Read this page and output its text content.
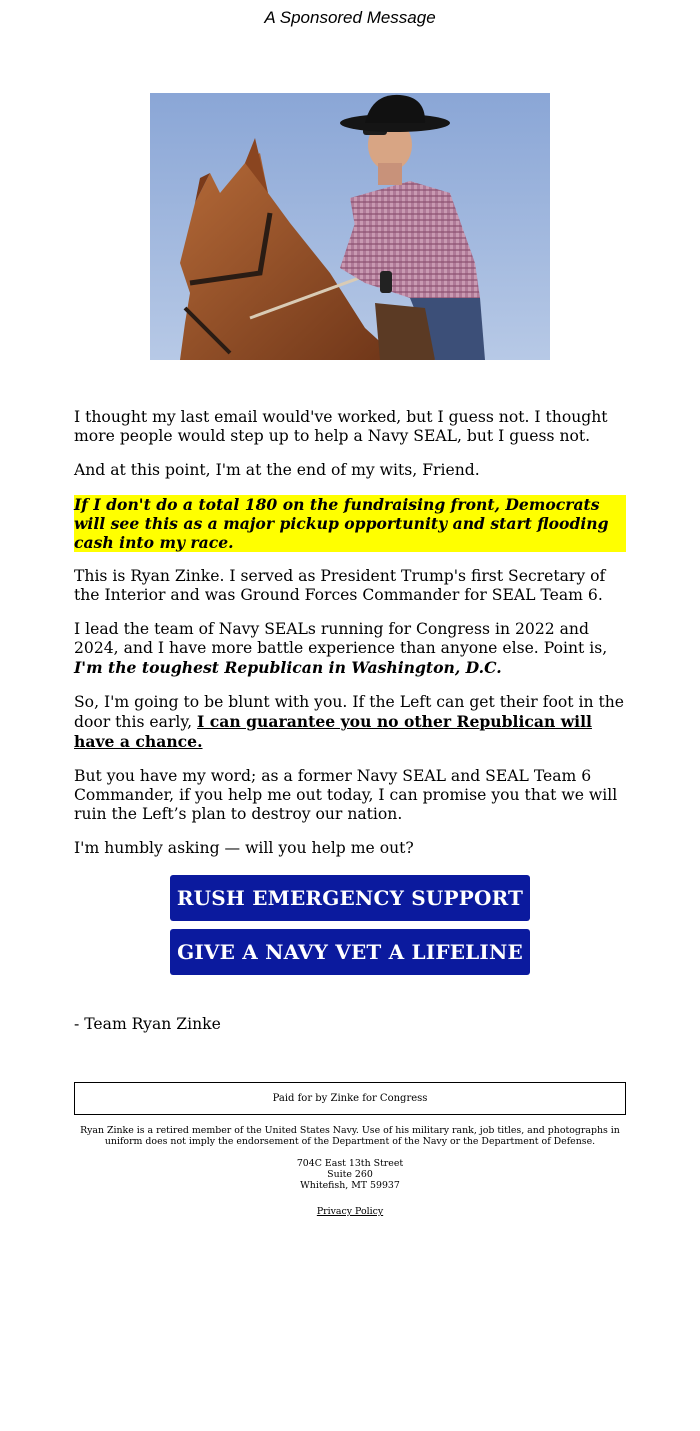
A Sponsored Message

I thought my last email would've worked, but I guess not. I thought more people would step up to help a Navy SEAL, but I guess not.

And at this point, I'm at the end of my wits, Friend.

If I don't do a total 180 on the fundraising front, Democrats will see this as a major pickup opportunity and start flooding cash into my race.

This is Ryan Zinke. I served as President Trump's first Secretary of the Interior and was Ground Forces Commander for SEAL Team 6.

I lead the team of Navy SEALs running for Congress in 2022 and 2024, and I have more battle experience than anyone else. Point is, I'm the toughest Republican in Washington, D.C.

So, I'm going to be blunt with you. If the Left can get their foot in the door this early, I can guarantee you no other Republican will have a chance.

But you have my word; as a former Navy SEAL and SEAL Team 6 Commander, if you help me out today, I can promise you that we will ruin the Left’s plan to destroy our nation.

I'm humbly asking — will you help me out?

RUSH EMERGENCY SUPPORT
GIVE A NAVY VET A LIFELINE
- Team Ryan Zinke
Paid for by Zinke for Congress
Ryan Zinke is a retired member of the United States Navy. Use of his military rank, job titles, and photographs in uniform does not imply the endorsement of the Department of the Navy or the Department of Defense.
704C East 13th Street
Suite 260
Whitefish, MT 59937
Privacy Policy
